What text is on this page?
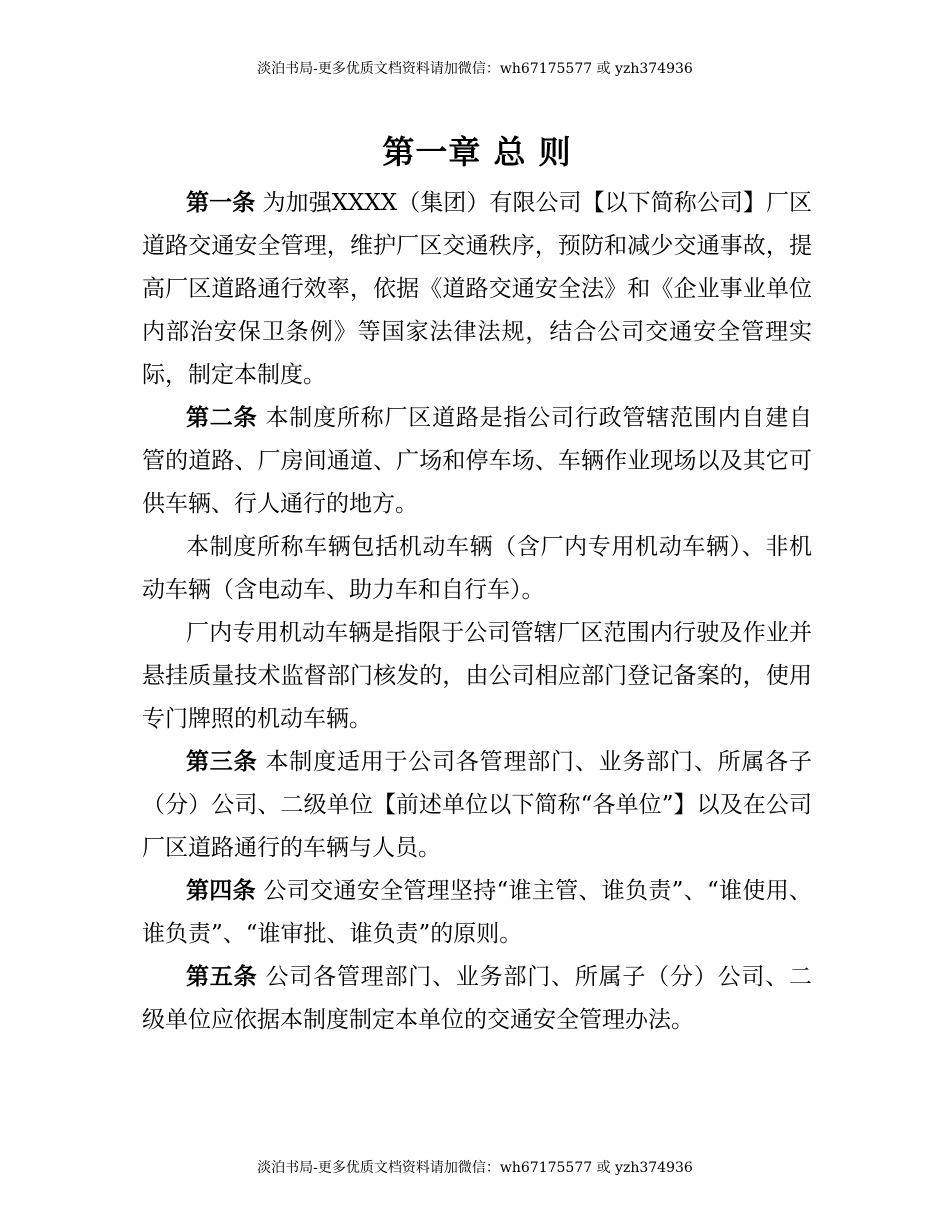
淡泊书局-更多优质文档资料请加微信：wh67175577 或 yzh374936
第一章 总 则

第一条 为加强XXXX（集团）有限公司【以下简称公司】厂区道路交通安全管理，维护厂区交通秩序，预防和减少交通事故，提高厂区道路通行效率，依据《道路交通安全法》和《企业事业单位内部治安保卫条例》等国家法律法规，结合公司交通安全管理实际，制定本制度。

第二条 本制度所称厂区道路是指公司行政管辖范围内自建自管的道路、厂房间通道、广场和停车场、车辆作业现场以及其它可供车辆、行人通行的地方。

本制度所称车辆包括机动车辆（含厂内专用机动车辆）、非机动车辆（含电动车、助力车和自行车）。

厂内专用机动车辆是指限于公司管辖厂区范围内行驶及作业并悬挂质量技术监督部门核发的，由公司相应部门登记备案的，使用专门牌照的机动车辆。

第三条 本制度适用于公司各管理部门、业务部门、所属各子（分）公司、二级单位【前述单位以下简称“各单位”】以及在公司厂区道路通行的车辆与人员。

第四条 公司交通安全管理坚持“谁主管、谁负责”、“谁使用、谁负责”、“谁审批、谁负责”的原则。

第五条 公司各管理部门、业务部门、所属子（分）公司、二级单位应依据本制度制定本单位的交通安全管理办法。

淡泊书局-更多优质文档资料请加微信：wh67175577 或 yzh374936
